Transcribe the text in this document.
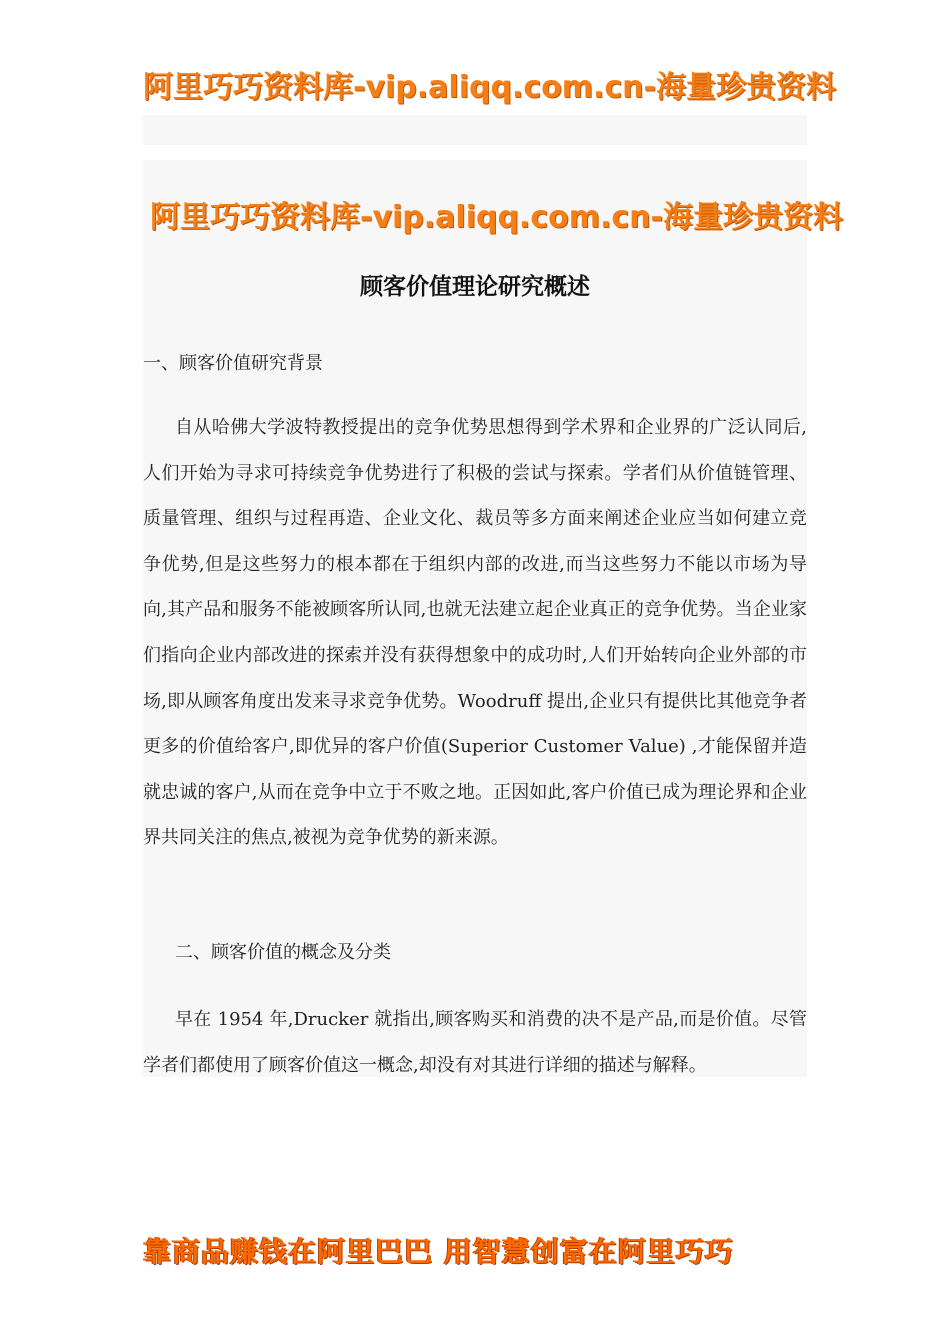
阿里巧巧资料库-vip.aliqq.com.cn-海量珍贵资料
阿里巧巧资料库-vip.aliqq.com.cn-海量珍贵资料
顾客价值理论研究概述
一、顾客价值研究背景

自从哈佛大学波特教授提出的竞争优势思想得到学术界和企业界的广泛认同后,人们开始为寻求可持续竞争优势进行了积极的尝试与探索。学者们从价值链管理、质量管理、组织与过程再造、企业文化、裁员等多方面来阐述企业应当如何建立竞争优势,但是这些努力的根本都在于组织内部的改进,而当这些努力不能以市场为导向,其产品和服务不能被顾客所认同,也就无法建立起企业真正的竞争优势。当企业家们指向企业内部改进的探索并没有获得想象中的成功时,人们开始转向企业外部的市场,即从顾客角度出发来寻求竞争优势。Woodruff 提出,企业只有提供比其他竞争者更多的价值给客户,即优异的客户价值(Superior Customer Value) ,才能保留并造就忠诚的客户,从而在竞争中立于不败之地。正因如此,客户价值已成为理论界和企业界共同关注的焦点,被视为竞争优势的新来源。

二、顾客价值的概念及分类

早在 1954 年,Drucker 就指出,顾客购买和消费的决不是产品,而是价值。尽管学者们都使用了顾客价值这一概念,却没有对其进行详细的描述与解释。

靠商品赚钱在阿里巴巴 用智慧创富在阿里巧巧
